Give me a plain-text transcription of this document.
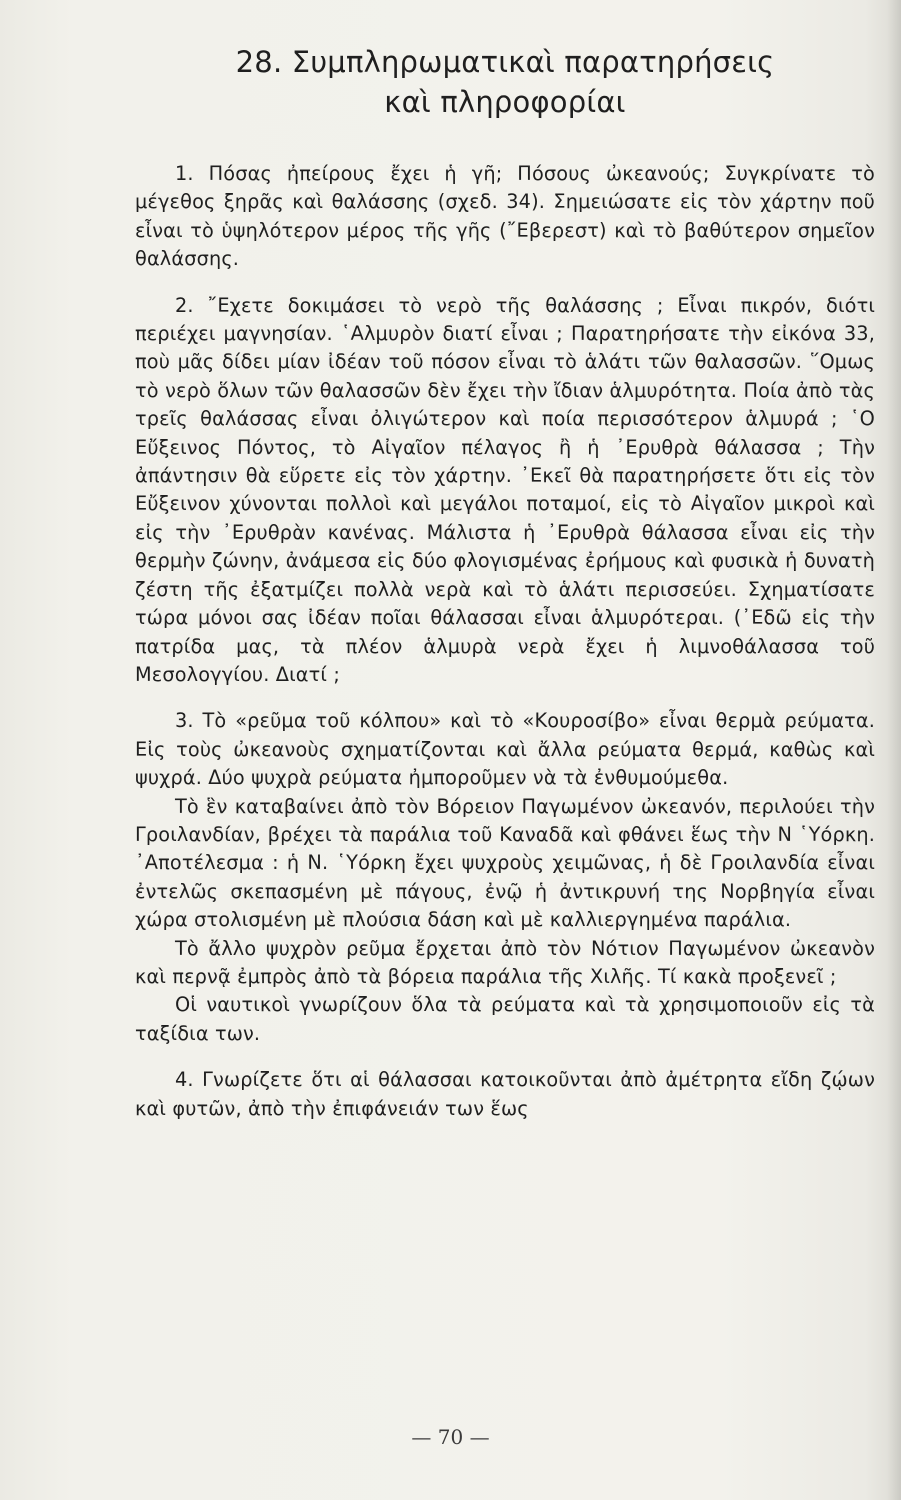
28. Συμπληρωματικαὶ παρατηρήσεις
καὶ πληροφορίαι

1. Πόσας ἠπείρους ἔχει ἡ γῆ; Πόσους ὠκεανούς; Συγκρίνατε τὸ μέγεθος ξηρᾶς καὶ θαλάσσης (σχεδ. 34). Σημειώσατε εἰς τὸν χάρτην ποῦ εἶναι τὸ ὑψηλότερον μέρος τῆς γῆς (῎Εβερεστ) καὶ τὸ βαθύτερον σημεῖον θαλάσσης.

2. ῎Εχετε δοκιμάσει τὸ νερὸ τῆς θαλάσσης ; Εἶναι πικρόν, διότι περιέχει μαγνησίαν. ῾Αλμυρὸν διατί εἶναι ; Παρατηρήσατε τὴν εἰκόνα 33, ποὺ μᾶς δίδει μίαν ἰδέαν τοῦ πόσον εἶναι τὸ ἁλάτι τῶν θαλασσῶν. ῞Ομως τὸ νερὸ ὅλων τῶν θαλασσῶν δὲν ἔχει τὴν ἴδιαν ἁλμυρότητα. Ποία ἀπὸ τὰς τρεῖς θαλάσσας εἶναι ὀλιγώτερον καὶ ποία περισσότερον ἁλμυρά ; ῾Ο Εὔξεινος Πόντος, τὸ Αἰγαῖον πέλαγος ἢ ἡ ᾿Ερυθρὰ θάλασσα ; Τὴν ἀπάντησιν θὰ εὕρετε εἰς τὸν χάρτην. ᾿Εκεῖ θὰ παρατηρήσετε ὅτι εἰς τὸν Εὔξεινον χύνονται πολλοὶ καὶ μεγάλοι ποταμοί, εἰς τὸ Αἰγαῖον μικροὶ καὶ εἰς τὴν ᾿Ερυθρὰν κανένας. Μάλιστα ἡ ᾿Ερυθρὰ θάλασσα εἶναι εἰς τὴν θερμὴν ζώνην, ἀνάμεσα εἰς δύο φλογισμένας ἐρήμους καὶ φυσικὰ ἡ δυνατὴ ζέστη τῆς ἐξατμίζει πολλὰ νερὰ καὶ τὸ ἁλάτι περισσεύει. Σχηματίσατε τώρα μόνοι σας ἰδέαν ποῖαι θάλασσαι εἶναι ἁλμυρότεραι. (᾿Εδῶ εἰς τὴν πατρίδα μας, τὰ πλέον ἁλμυρὰ νερὰ ἔχει ἡ λιμνοθάλασσα τοῦ Μεσολογγίου. Διατί ;

3. Τὸ «ρεῦμα τοῦ κόλπου» καὶ τὸ «Κουροσίβο» εἶναι θερμὰ ρεύματα. Εἰς τοὺς ὠκεανοὺς σχηματίζονται καὶ ἄλλα ρεύματα θερμά, καθὼς καὶ ψυχρά. Δύο ψυχρὰ ρεύματα ἠμποροῦμεν νὰ τὰ ἐνθυμούμεθα.

Τὸ ἓν καταβαίνει ἀπὸ τὸν Βόρειον Παγωμένον ὠκεανόν, περιλούει τὴν Γροιλανδίαν, βρέχει τὰ παράλια τοῦ Καναδᾶ καὶ φθάνει ἕως τὴν Ν ῾Υόρκη. ᾿Αποτέλεσμα : ἡ Ν. ῾Υόρκη ἔχει ψυχροὺς χειμῶνας, ἡ δὲ Γροιλανδία εἶναι ἐντελῶς σκεπασμένη μὲ πάγους, ἐνῷ ἡ ἀντικρυνή της Νορβηγία εἶναι χώρα στολισμένη μὲ πλούσια δάση καὶ μὲ καλλιεργημένα παράλια.

Τὸ ἄλλο ψυχρὸν ρεῦμα ἔρχεται ἀπὸ τὸν Νότιον Παγωμένον ὠκεανὸν καὶ περνᾷ ἐμπρὸς ἀπὸ τὰ βόρεια παράλια τῆς Χιλῆς. Τί κακὰ προξενεῖ ;

Οἱ ναυτικοὶ γνωρίζουν ὅλα τὰ ρεύματα καὶ τὰ χρησιμοποιοῦν εἰς τὰ ταξίδια των.

4. Γνωρίζετε ὅτι αἱ θάλασσαι κατοικοῦνται ἀπὸ ἀμέτρητα εἴδη ζῴων καὶ φυτῶν, ἀπὸ τὴν ἐπιφάνειάν των ἕως

— 70 —
